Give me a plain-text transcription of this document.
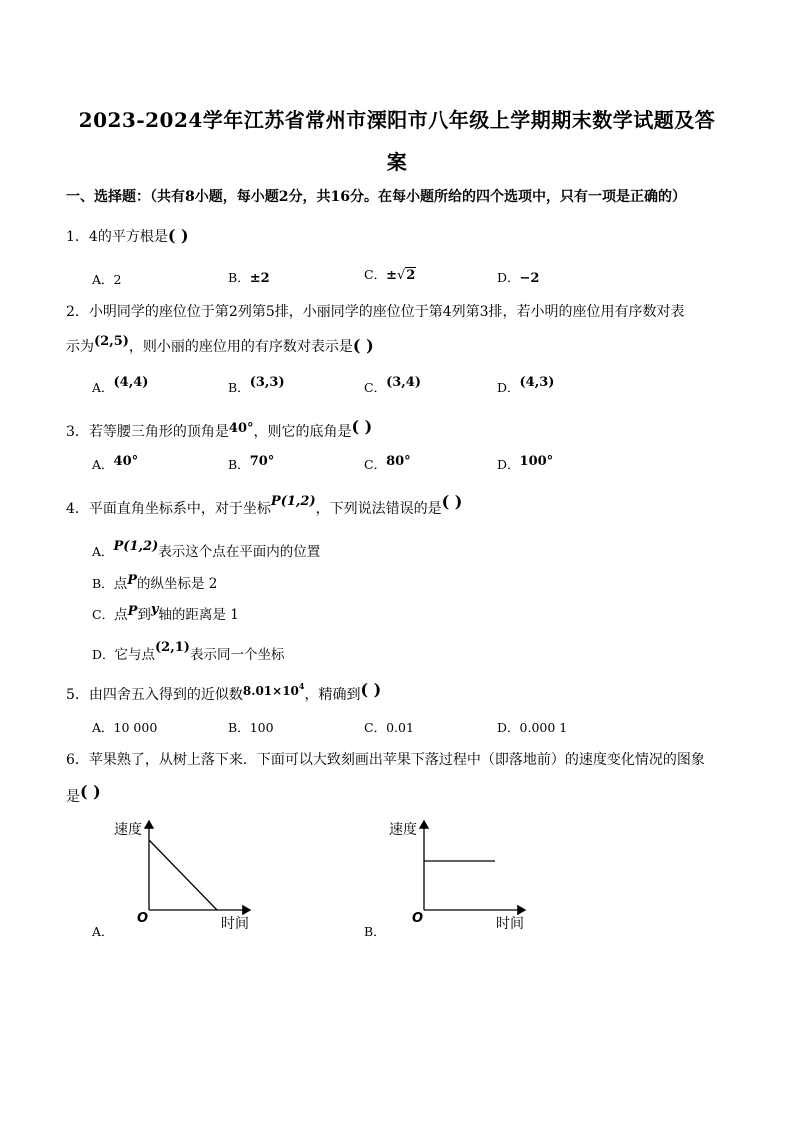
2023-2024学年江苏省常州市溧阳市八年级上学期期末数学试题及答
案
一、选择题：（共有8小题，每小题2分，共16分。在每小题所给的四个选项中，只有一项是正确的）
1．4的平方根是( )
A．2	B．±2	C．±√2	D．−2
2．小明同学的座位位于第2列第5排，小丽同学的座位位于第4列第3排，若小明的座位用有序数对表
示为(2,5)，则小丽的座位用的有序数对表示是( )
A．(4,4)	B．(3,3)	C．(3,4)	D．(4,3)
3．若等腰三角形的顶角是40°，则它的底角是( )
A．40°	B．70°	C．80°	D．100°
4．平面直角坐标系中，对于坐标P(1,2)，下列说法错误的是( )
A．P(1,2)表示这个点在平面内的位置
B．点P的纵坐标是 2
C．点P到y轴的距离是 1
D．它与点(2,1)表示同一个坐标
5．由四舍五入得到的近似数$8.01\times 10^4$，精确到( )
A．10 000	B．100	C．0.01	D．0.000 1
6．苹果熟了，从树上落下来．下面可以大致刻画出苹果下落过程中（即落地前）的速度变化情况的图象
是( )
速度
时间
O
A．
速度
时间
O
B．
